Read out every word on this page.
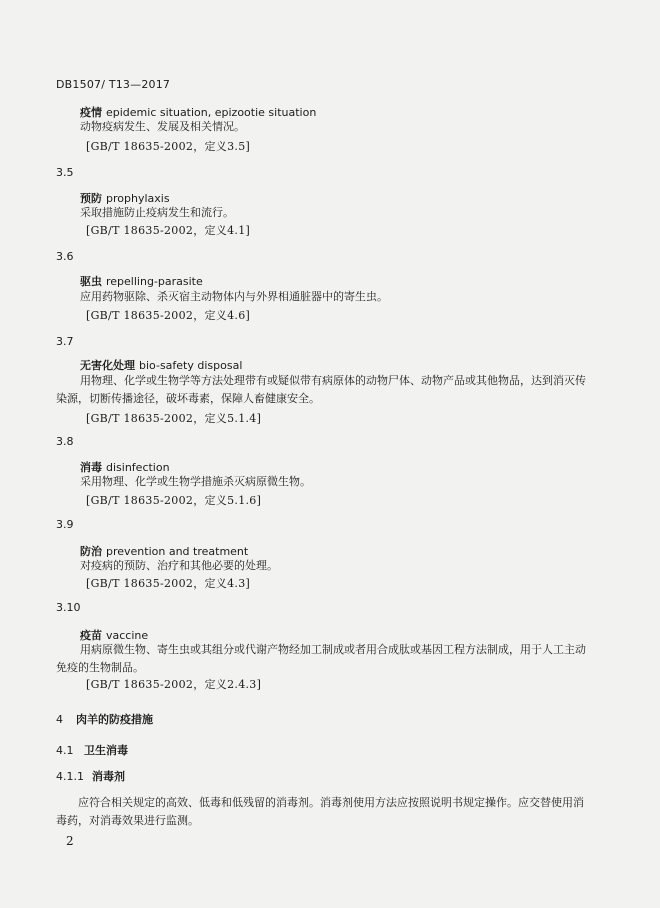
DB1507/ T13—2017
疫情 epidemic situation, epizootie situation
动物疫病发生、发展及相关情况。
[GB/T 18635-2002，定义3.5]
3.5
预防 prophylaxis
采取措施防止疫病发生和流行。
[GB/T 18635-2002，定义4.1]
3.6
驱虫 repelling-parasite
应用药物驱除、杀灭宿主动物体内与外界相通脏器中的寄生虫。
[GB/T 18635-2002，定义4.6]
3.7
无害化处理 bio-safety disposal
用物理、化学或生物学等方法处理带有或疑似带有病原体的动物尸体、动物产品或其他物品，达到消灭传染源，切断传播途径，破坏毒素，保障人畜健康安全。
[GB/T 18635-2002，定义5.1.4]
3.8
消毒 disinfection
采用物理、化学或生物学措施杀灭病原微生物。
[GB/T 18635-2002，定义5.1.6]
3.9
防治 prevention and treatment
对疫病的预防、治疗和其他必要的处理。
[GB/T 18635-2002，定义4.3]
3.10
疫苗 vaccine
用病原微生物、寄生虫或其组分或代谢产物经加工制成或者用合成肽或基因工程方法制成，用于人工主动免疫的生物制品。
[GB/T 18635-2002，定义2.4.3]
4 肉羊的防疫措施
4.1 卫生消毒
4.1.1 消毒剂
应符合相关规定的高效、低毒和低残留的消毒剂。消毒剂使用方法应按照说明书规定操作。应交替使用消毒药，对消毒效果进行监测。
2
